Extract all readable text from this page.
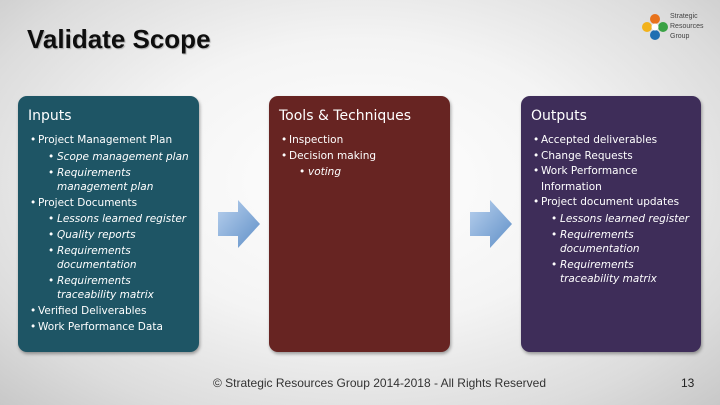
Validate Scope
Strategic
Resources
Group
Inputs
• Project Management Plan
• Scope management plan
• Requirements management plan
• Project Documents
• Lessons learned register
• Quality reports
• Requirements documentation
• Requirements traceability matrix
• Verified Deliverables
• Work Performance Data
Tools & Techniques
• Inspection
• Decision making
• voting
Outputs
• Accepted deliverables
• Change Requests
• Work Performance Information
• Project document updates
• Lessons learned register
• Requirements documentation
• Requirements traceability matrix
© Strategic Resources Group 2014-2018 - All Rights Reserved	13
